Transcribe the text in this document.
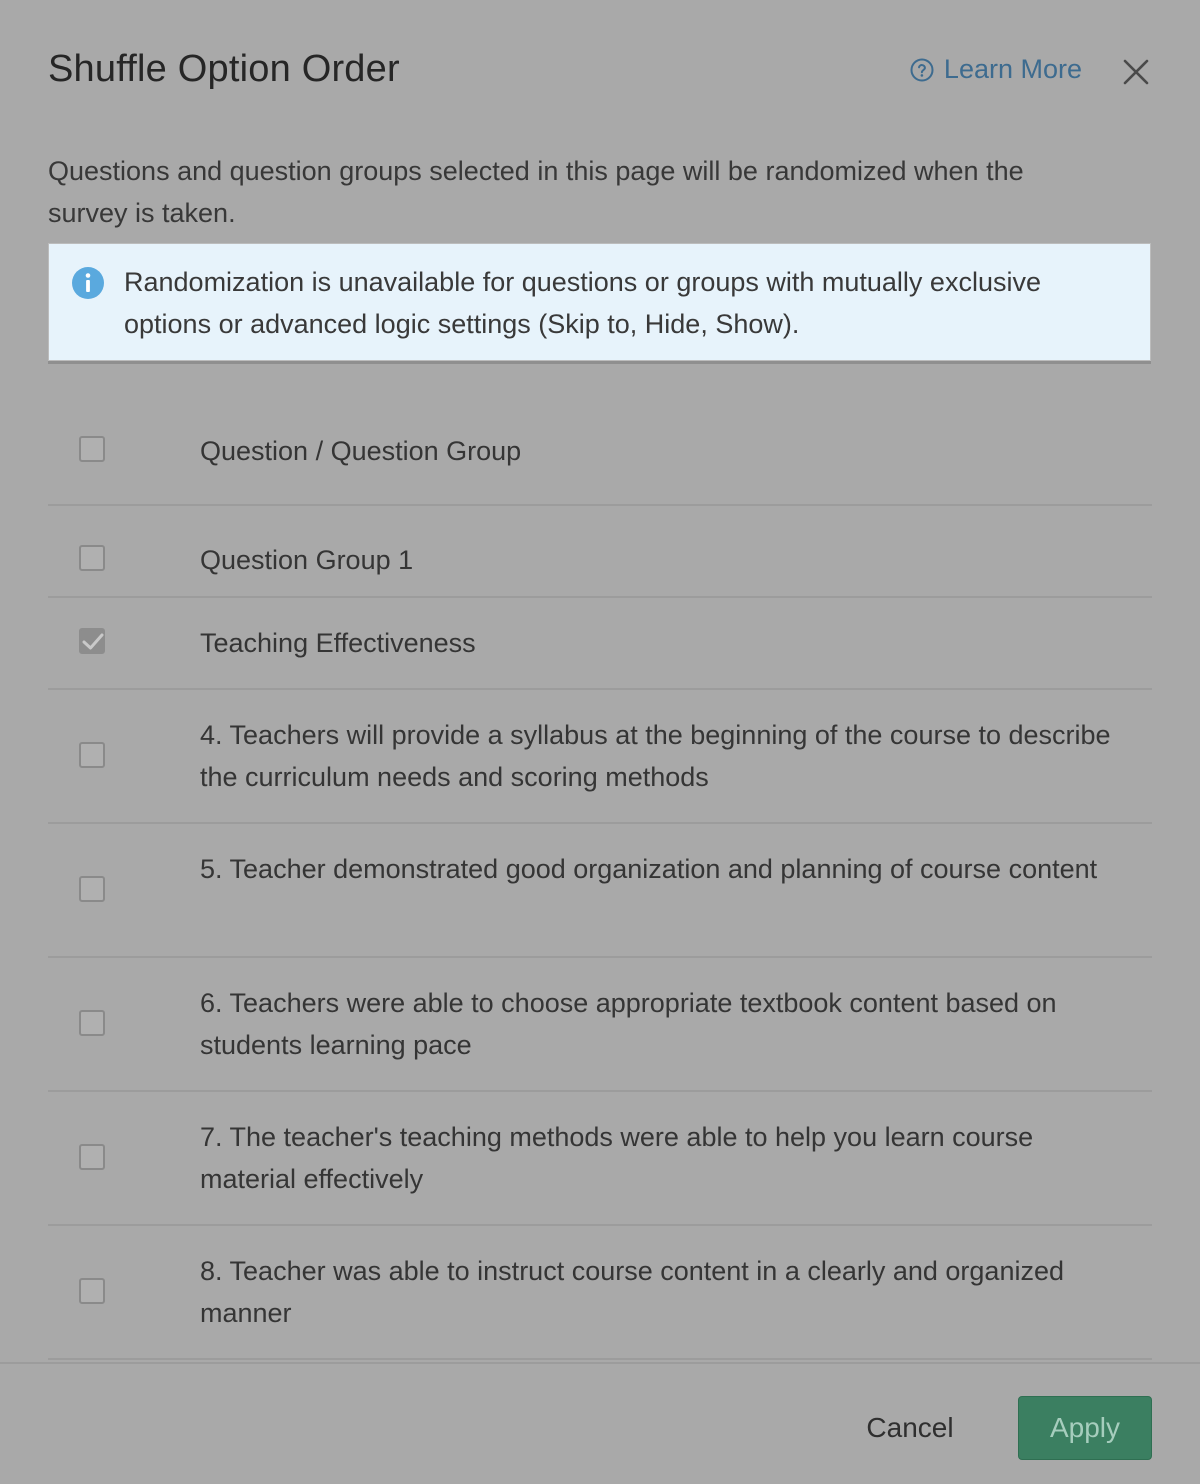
Shuffle Option Order	Learn More
Questions and question groups selected in this page will be randomized when the survey is taken.
Randomization is unavailable for questions or groups with mutually exclusive options or advanced logic settings (Skip to, Hide, Show).
Question / Question Group
Question Group 1
Teaching Effectiveness
4. Teachers will provide a syllabus at the beginning of the course to describe the curriculum needs and scoring methods
5. Teacher demonstrated good organization and planning of course content
6. Teachers were able to choose appropriate textbook content based on students learning pace
7. The teacher's teaching methods were able to help you learn course material effectively
8. Teacher was able to instruct course content in a clearly and organized manner
Cancel	Apply
